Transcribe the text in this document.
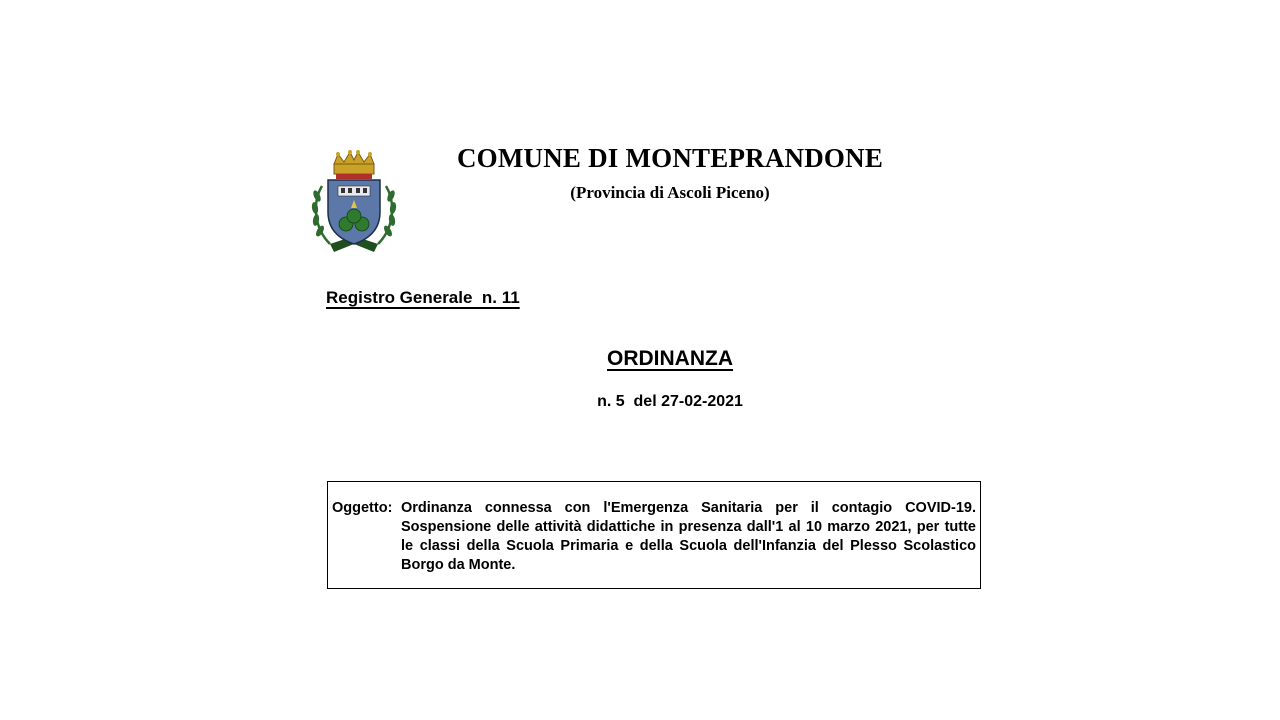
COMUNE DI MONTEPRANDONE
(Provincia di Ascoli Piceno)
Registro Generale  n. 11
ORDINANZA
n. 5  del 27-02-2021
Oggetto: Ordinanza connessa con l'Emergenza Sanitaria per il contagio COVID-19. Sospensione delle attività didattiche in presenza dall'1 al 10 marzo 2021, per tutte le classi della Scuola Primaria e della Scuola dell'Infanzia del Plesso Scolastico Borgo da Monte.
